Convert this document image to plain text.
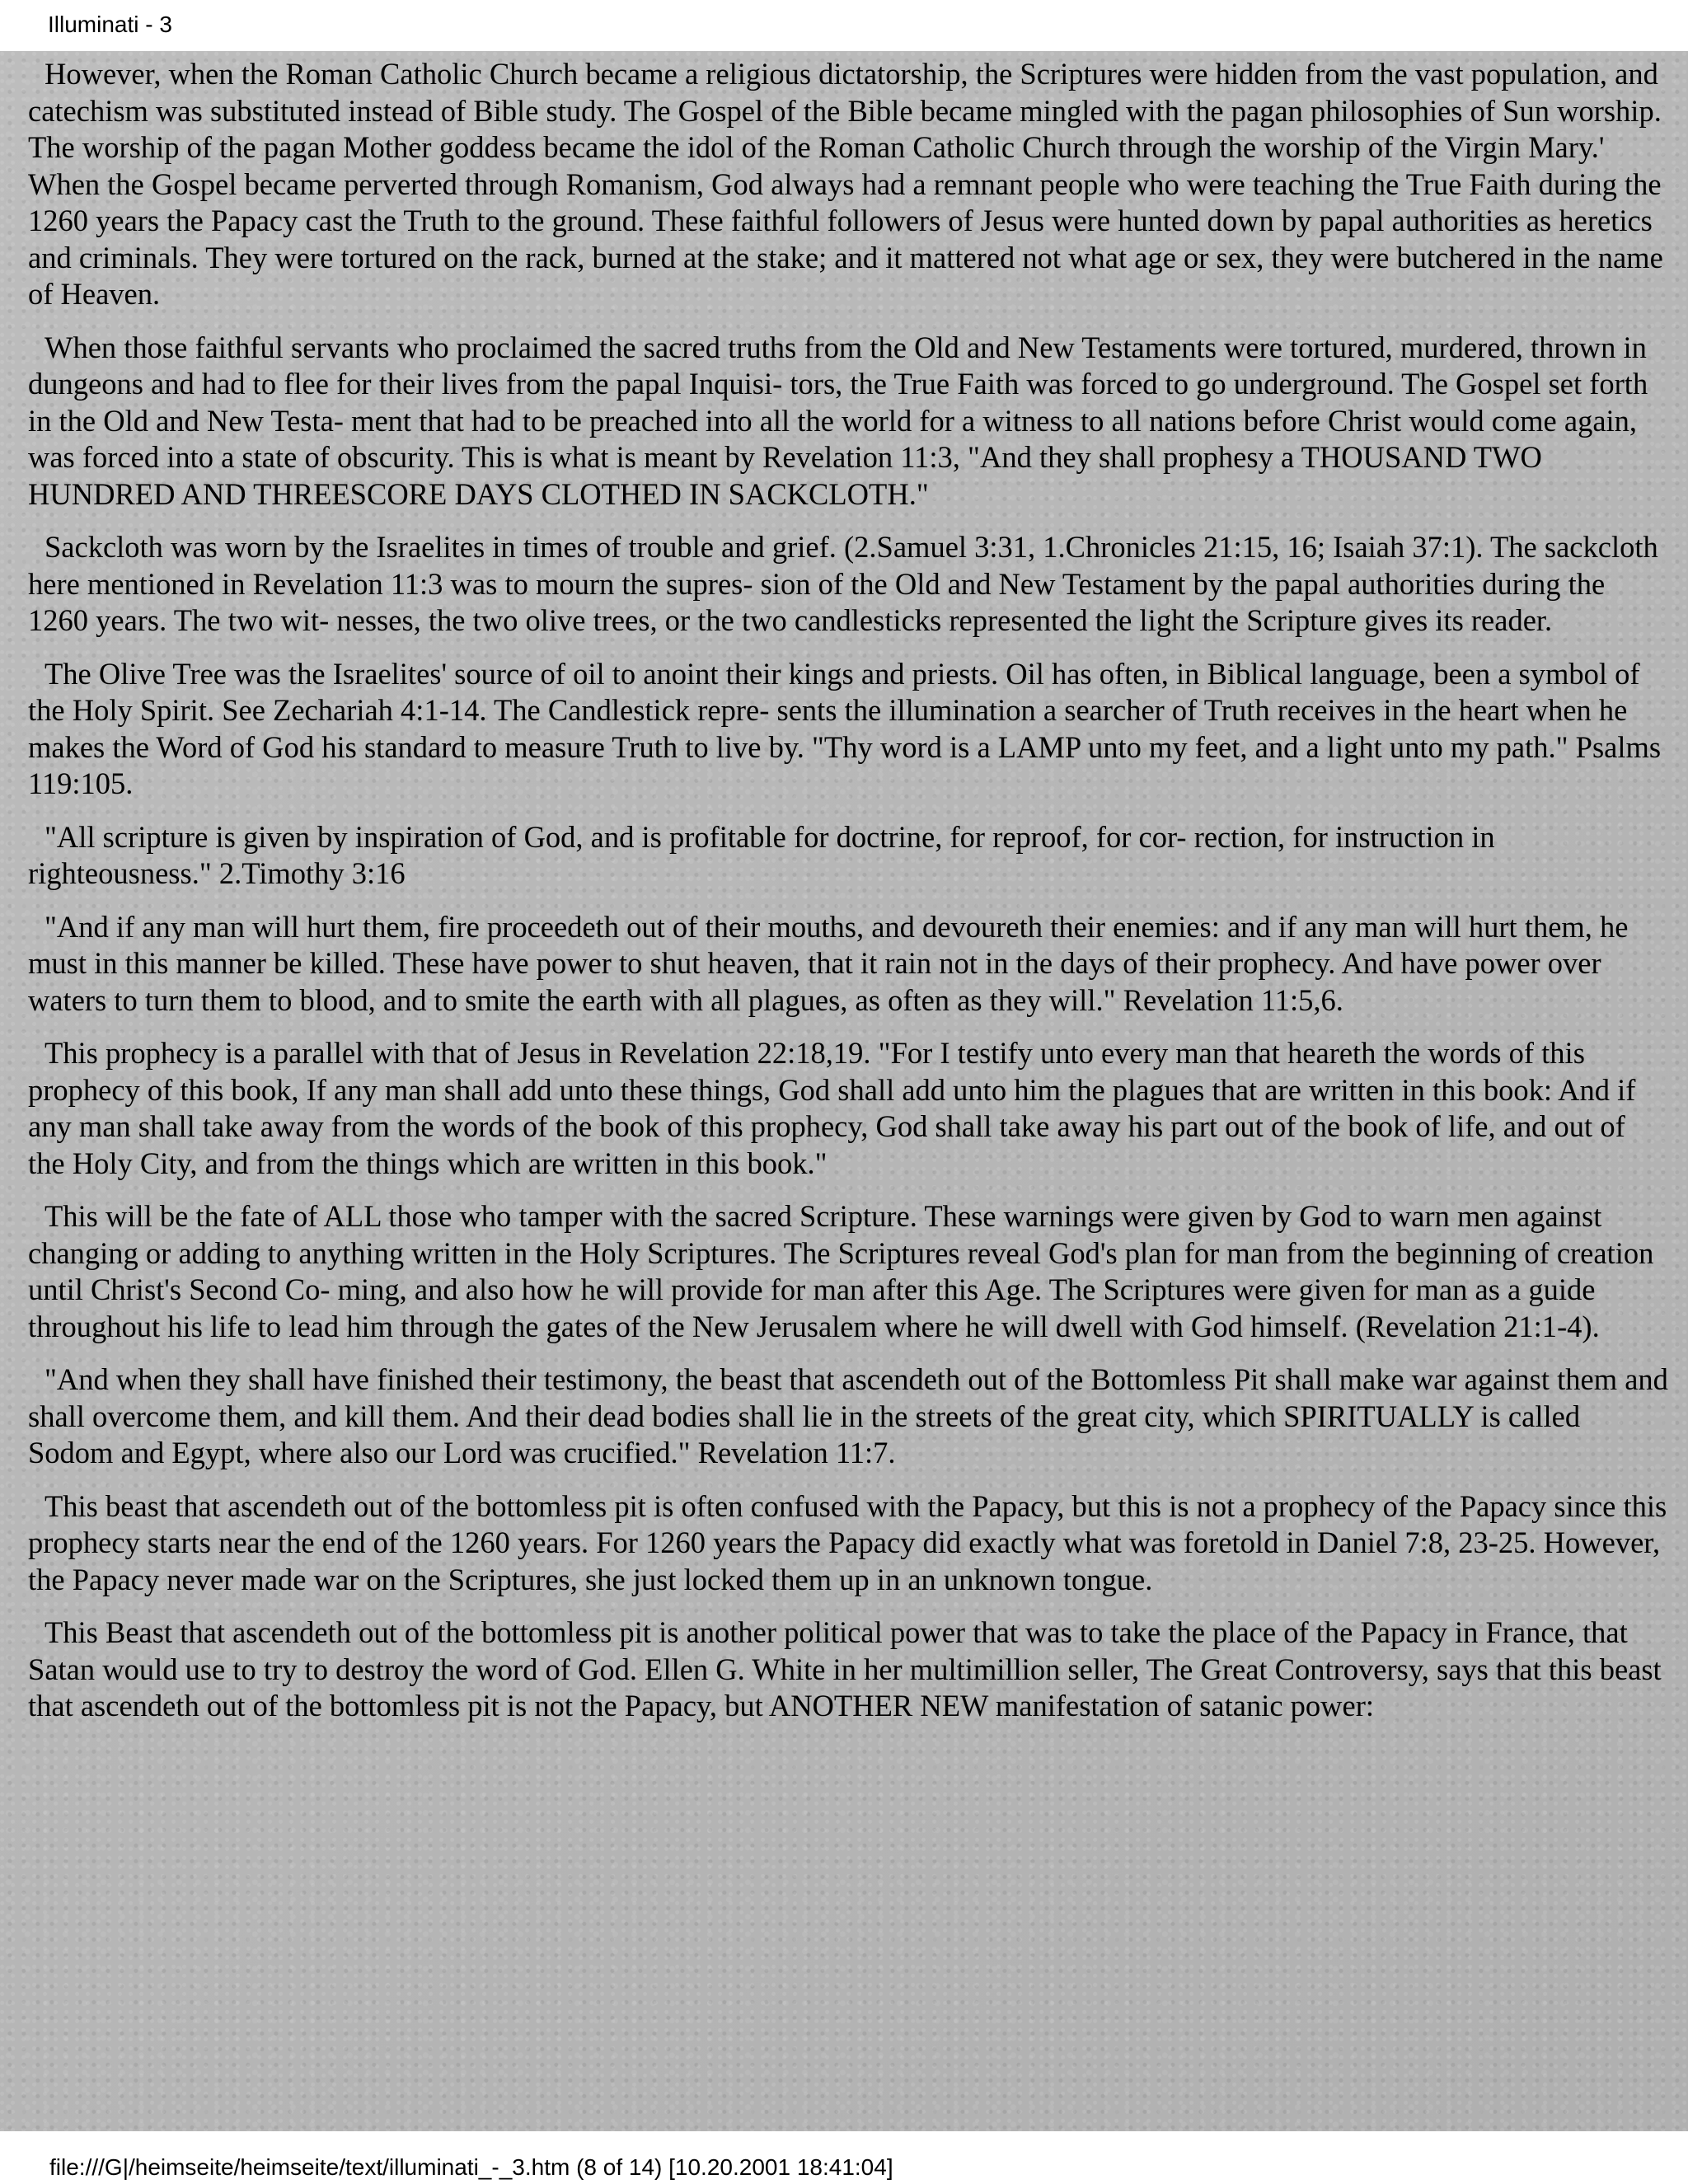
Illuminati - 3

However, when the Roman Catholic Church became a religious dictatorship, the Scriptures were hidden from the vast population, and catechism was substituted instead of Bible study. The Gospel of the Bible became mingled with the pagan philosophies of Sun worship. The worship of the pagan Mother goddess became the idol of the Roman Catholic Church through the worship of the Virgin Mary.' When the Gospel became perverted through Romanism, God always had a remnant people who were teaching the True Faith during the 1260 years the Papacy cast the Truth to the ground. These faithful followers of Jesus were hunted down by papal authorities as heretics and criminals. They were tortured on the rack, burned at the stake; and it mattered not what age or sex, they were butchered in the name of Heaven.

When those faithful servants who proclaimed the sacred truths from the Old and New Testaments were tortured, murdered, thrown in dungeons and had to flee for their lives from the papal Inquisi- tors, the True Faith was forced to go underground. The Gospel set forth in the Old and New Testa- ment that had to be preached into all the world for a witness to all nations before Christ would come again, was forced into a state of obscurity. This is what is meant by Revelation 11:3, "And they shall prophesy a THOUSAND TWO HUNDRED AND THREESCORE DAYS CLOTHED IN SACKCLOTH."

Sackcloth was worn by the Israelites in times of trouble and grief. (2.Samuel 3:31, 1.Chronicles 21:15, 16; Isaiah 37:1). The sackcloth here mentioned in Revelation 11:3 was to mourn the supres- sion of the Old and New Testament by the papal authorities during the 1260 years. The two wit- nesses, the two olive trees, or the two candlesticks represented the light the Scripture gives its reader.

The Olive Tree was the Israelites' source of oil to anoint their kings and priests. Oil has often, in Biblical language, been a symbol of the Holy Spirit. See Zechariah 4:1-14. The Candlestick repre- sents the illumination a searcher of Truth receives in the heart when he makes the Word of God his standard to measure Truth to live by. "Thy word is a LAMP unto my feet, and a light unto my path." Psalms 119:105.

"All scripture is given by inspiration of God, and is profitable for doctrine, for reproof, for cor- rection, for instruction in righteousness." 2.Timothy 3:16

"And if any man will hurt them, fire proceedeth out of their mouths, and devoureth their enemies: and if any man will hurt them, he must in this manner be killed. These have power to shut heaven, that it rain not in the days of their prophecy. And have power over waters to turn them to blood, and to smite the earth with all plagues, as often as they will." Revelation 11:5,6.

This prophecy is a parallel with that of Jesus in Revelation 22:18,19. "For I testify unto every man that heareth the words of this prophecy of this book, If any man shall add unto these things, God shall add unto him the plagues that are written in this book: And if any man shall take away from the words of the book of this prophecy, God shall take away his part out of the book of life, and out of the Holy City, and from the things which are written in this book."

This will be the fate of ALL those who tamper with the sacred Scripture. These warnings were given by God to warn men against changing or adding to anything written in the Holy Scriptures. The Scriptures reveal God's plan for man from the beginning of creation until Christ's Second Co- ming, and also how he will provide for man after this Age. The Scriptures were given for man as a guide throughout his life to lead him through the gates of the New Jerusalem where he will dwell with God himself. (Revelation 21:1-4).

"And when they shall have finished their testimony, the beast that ascendeth out of the Bottomless Pit shall make war against them and shall overcome them, and kill them. And their dead bodies shall lie in the streets of the great city, which SPIRITUALLY is called Sodom and Egypt, where also our Lord was crucified." Revelation 11:7.

This beast that ascendeth out of the bottomless pit is often confused with the Papacy, but this is not a prophecy of the Papacy since this prophecy starts near the end of the 1260 years. For 1260 years the Papacy did exactly what was foretold in Daniel 7:8, 23-25. However, the Papacy never made war on the Scriptures, she just locked them up in an unknown tongue.

This Beast that ascendeth out of the bottomless pit is another political power that was to take the place of the Papacy in France, that Satan would use to try to destroy the word of God. Ellen G. White in her multimillion seller, The Great Controversy, says that this beast that ascendeth out of the bottomless pit is not the Papacy, but ANOTHER NEW manifestation of satanic power:

file:///G|/heimseite/heimseite/text/illuminati_-_3.htm (8 of 14) [10.20.2001 18:41:04]
